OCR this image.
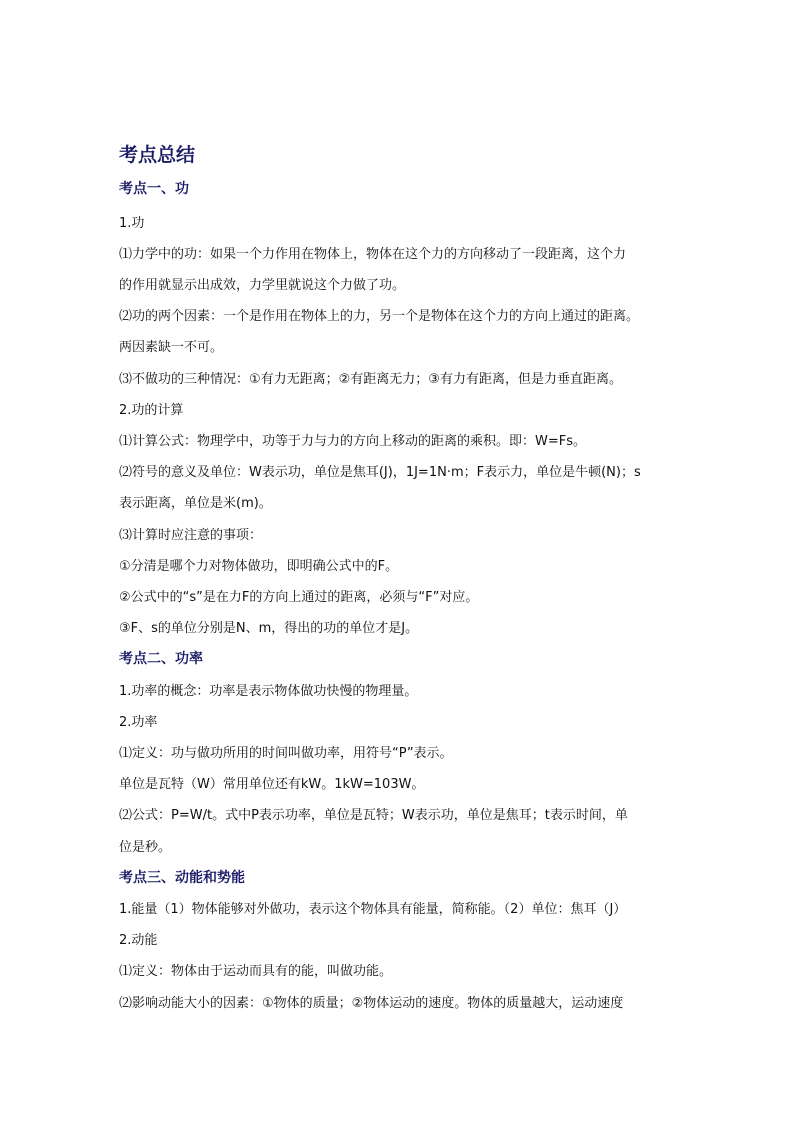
考点总结
考点一、功
1.功
⑴力学中的功：如果一个力作用在物体上，物体在这个力的方向移动了一段距离，这个力
的作用就显示出成效，力学里就说这个力做了功。
⑵功的两个因素：一个是作用在物体上的力，另一个是物体在这个力的方向上通过的距离。
两因素缺一不可。
⑶不做功的三种情况：①有力无距离；②有距离无力；③有力有距离，但是力垂直距离。
2.功的计算
⑴计算公式：物理学中，功等于力与力的方向上移动的距离的乘积。即：W=Fs。
⑵符号的意义及单位：W表示功，单位是焦耳(J)，1J=1N·m；F表示力，单位是牛顿(N)；s
表示距离，单位是米(m)。
⑶计算时应注意的事项：
①分清是哪个力对物体做功，即明确公式中的F。
②公式中的“s”是在力F的方向上通过的距离，必须与“F”对应。
③F、s的单位分别是N、m，得出的功的单位才是J。
考点二、功率
1.功率的概念：功率是表示物体做功快慢的物理量。
2.功率
⑴定义：功与做功所用的时间叫做功率，用符号“P”表示。
单位是瓦特（W）常用单位还有kW。1kW=103W。
⑵公式：P=W/t。式中P表示功率，单位是瓦特；W表示功，单位是焦耳；t表示时间，单
位是秒。
考点三、动能和势能
1.能量（1）物体能够对外做功，表示这个物体具有能量，简称能。（2）单位：焦耳（J）
2.动能
⑴定义：物体由于运动而具有的能，叫做功能。
⑵影响动能大小的因素：①物体的质量；②物体运动的速度。物体的质量越大，运动速度
